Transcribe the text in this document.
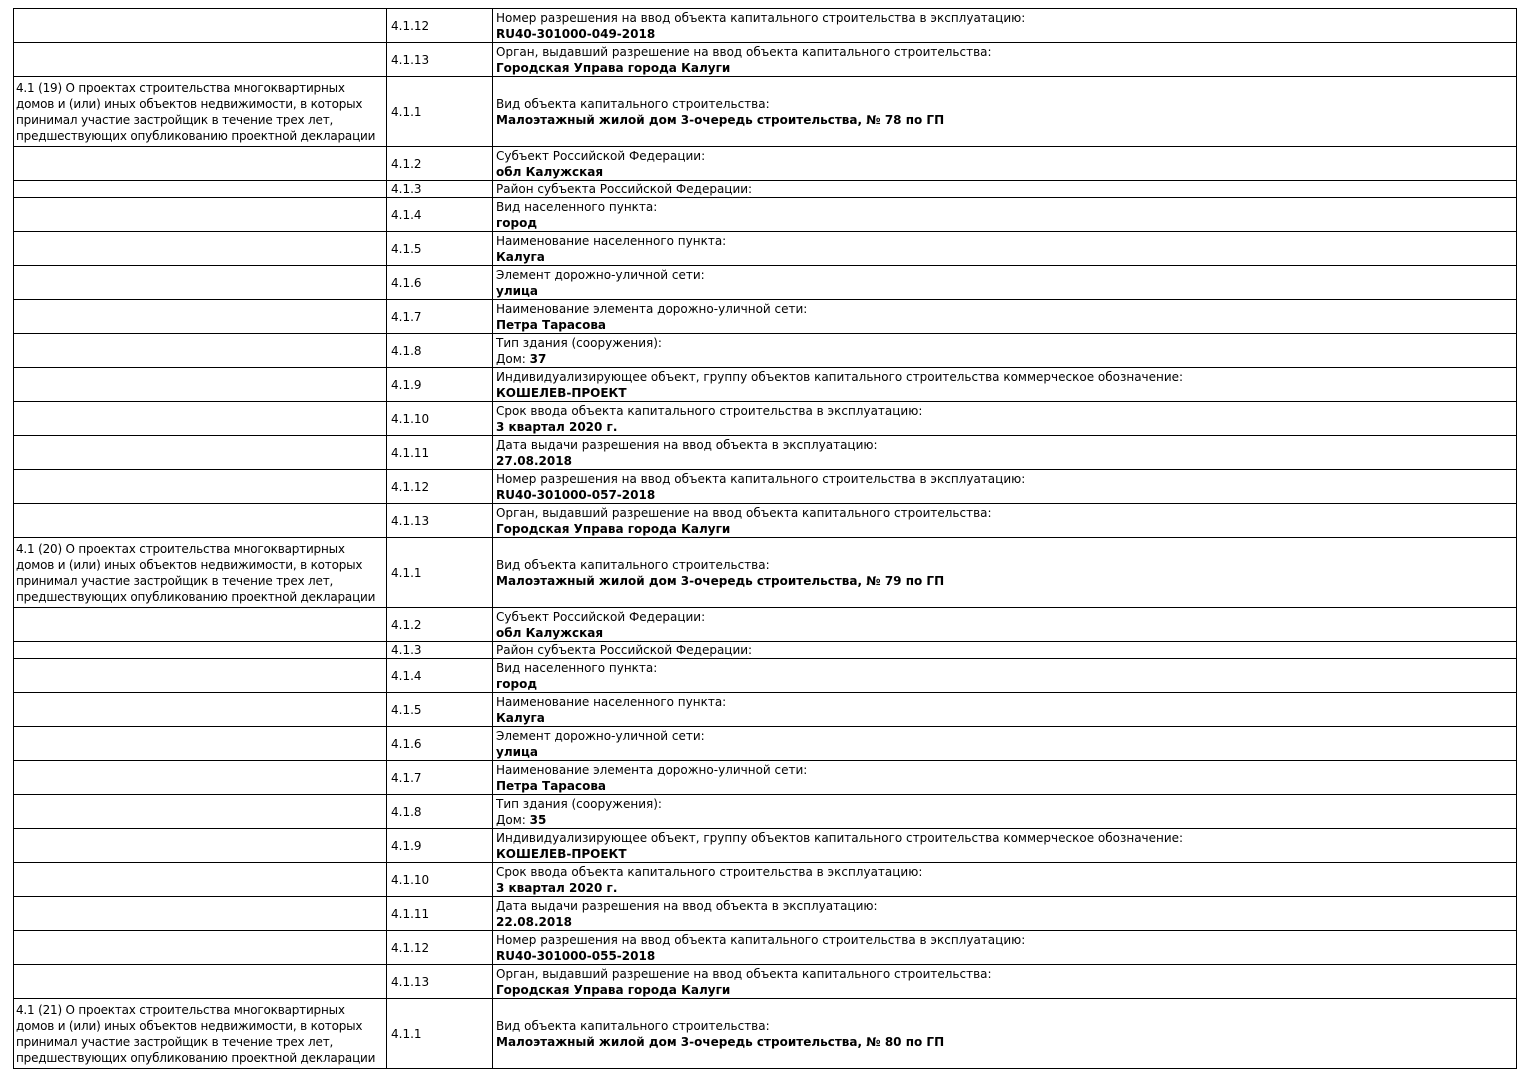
	4.1.12	Номер разрешения на ввод объекта капитального строительства в эксплуатацию:
RU40-301000-049-2018

	4.1.13	Орган, выдавший разрешение на ввод объекта капитального строительства:
Городская Управа города Калуги

4.1 (19) О проектах строительства многоквартирных домов и (или) иных объектов недвижимости, в которых принимал участие застройщик в течение трех лет, предшествующих опубликованию проектной декларации	4.1.1	Вид объекта капитального строительства:
Малоэтажный жилой дом 3-очередь строительства, № 78 по ГП

	4.1.2	Субъект Российской Федерации:
обл Калужская

	4.1.3	Район субъекта Российской Федерации:

	4.1.4	Вид населенного пункта:
город

	4.1.5	Наименование населенного пункта:
Калуга

	4.1.6	Элемент дорожно-уличной сети:
улица

	4.1.7	Наименование элемента дорожно-уличной сети:
Петра Тарасова

	4.1.8	Тип здания (сооружения):
Дом: 37

	4.1.9	Индивидуализирующее объект, группу объектов капитального строительства коммерческое обозначение:
КОШЕЛЕВ-ПРОЕКТ

	4.1.10	Срок ввода объекта капитального строительства в эксплуатацию:
3 квартал 2020 г.

	4.1.11	Дата выдачи разрешения на ввод объекта в эксплуатацию:
27.08.2018

	4.1.12	Номер разрешения на ввод объекта капитального строительства в эксплуатацию:
RU40-301000-057-2018

	4.1.13	Орган, выдавший разрешение на ввод объекта капитального строительства:
Городская Управа города Калуги

4.1 (20) О проектах строительства многоквартирных домов и (или) иных объектов недвижимости, в которых принимал участие застройщик в течение трех лет, предшествующих опубликованию проектной декларации	4.1.1	Вид объекта капитального строительства:
Малоэтажный жилой дом 3-очередь строительства, № 79 по ГП

	4.1.2	Субъект Российской Федерации:
обл Калужская

	4.1.3	Район субъекта Российской Федерации:

	4.1.4	Вид населенного пункта:
город

	4.1.5	Наименование населенного пункта:
Калуга

	4.1.6	Элемент дорожно-уличной сети:
улица

	4.1.7	Наименование элемента дорожно-уличной сети:
Петра Тарасова

	4.1.8	Тип здания (сооружения):
Дом: 35

	4.1.9	Индивидуализирующее объект, группу объектов капитального строительства коммерческое обозначение:
КОШЕЛЕВ-ПРОЕКТ

	4.1.10	Срок ввода объекта капитального строительства в эксплуатацию:
3 квартал 2020 г.

	4.1.11	Дата выдачи разрешения на ввод объекта в эксплуатацию:
22.08.2018

	4.1.12	Номер разрешения на ввод объекта капитального строительства в эксплуатацию:
RU40-301000-055-2018

	4.1.13	Орган, выдавший разрешение на ввод объекта капитального строительства:
Городская Управа города Калуги

4.1 (21) О проектах строительства многоквартирных домов и (или) иных объектов недвижимости, в которых принимал участие застройщик в течение трех лет, предшествующих опубликованию проектной декларации	4.1.1	Вид объекта капитального строительства:
Малоэтажный жилой дом 3-очередь строительства, № 80 по ГП
